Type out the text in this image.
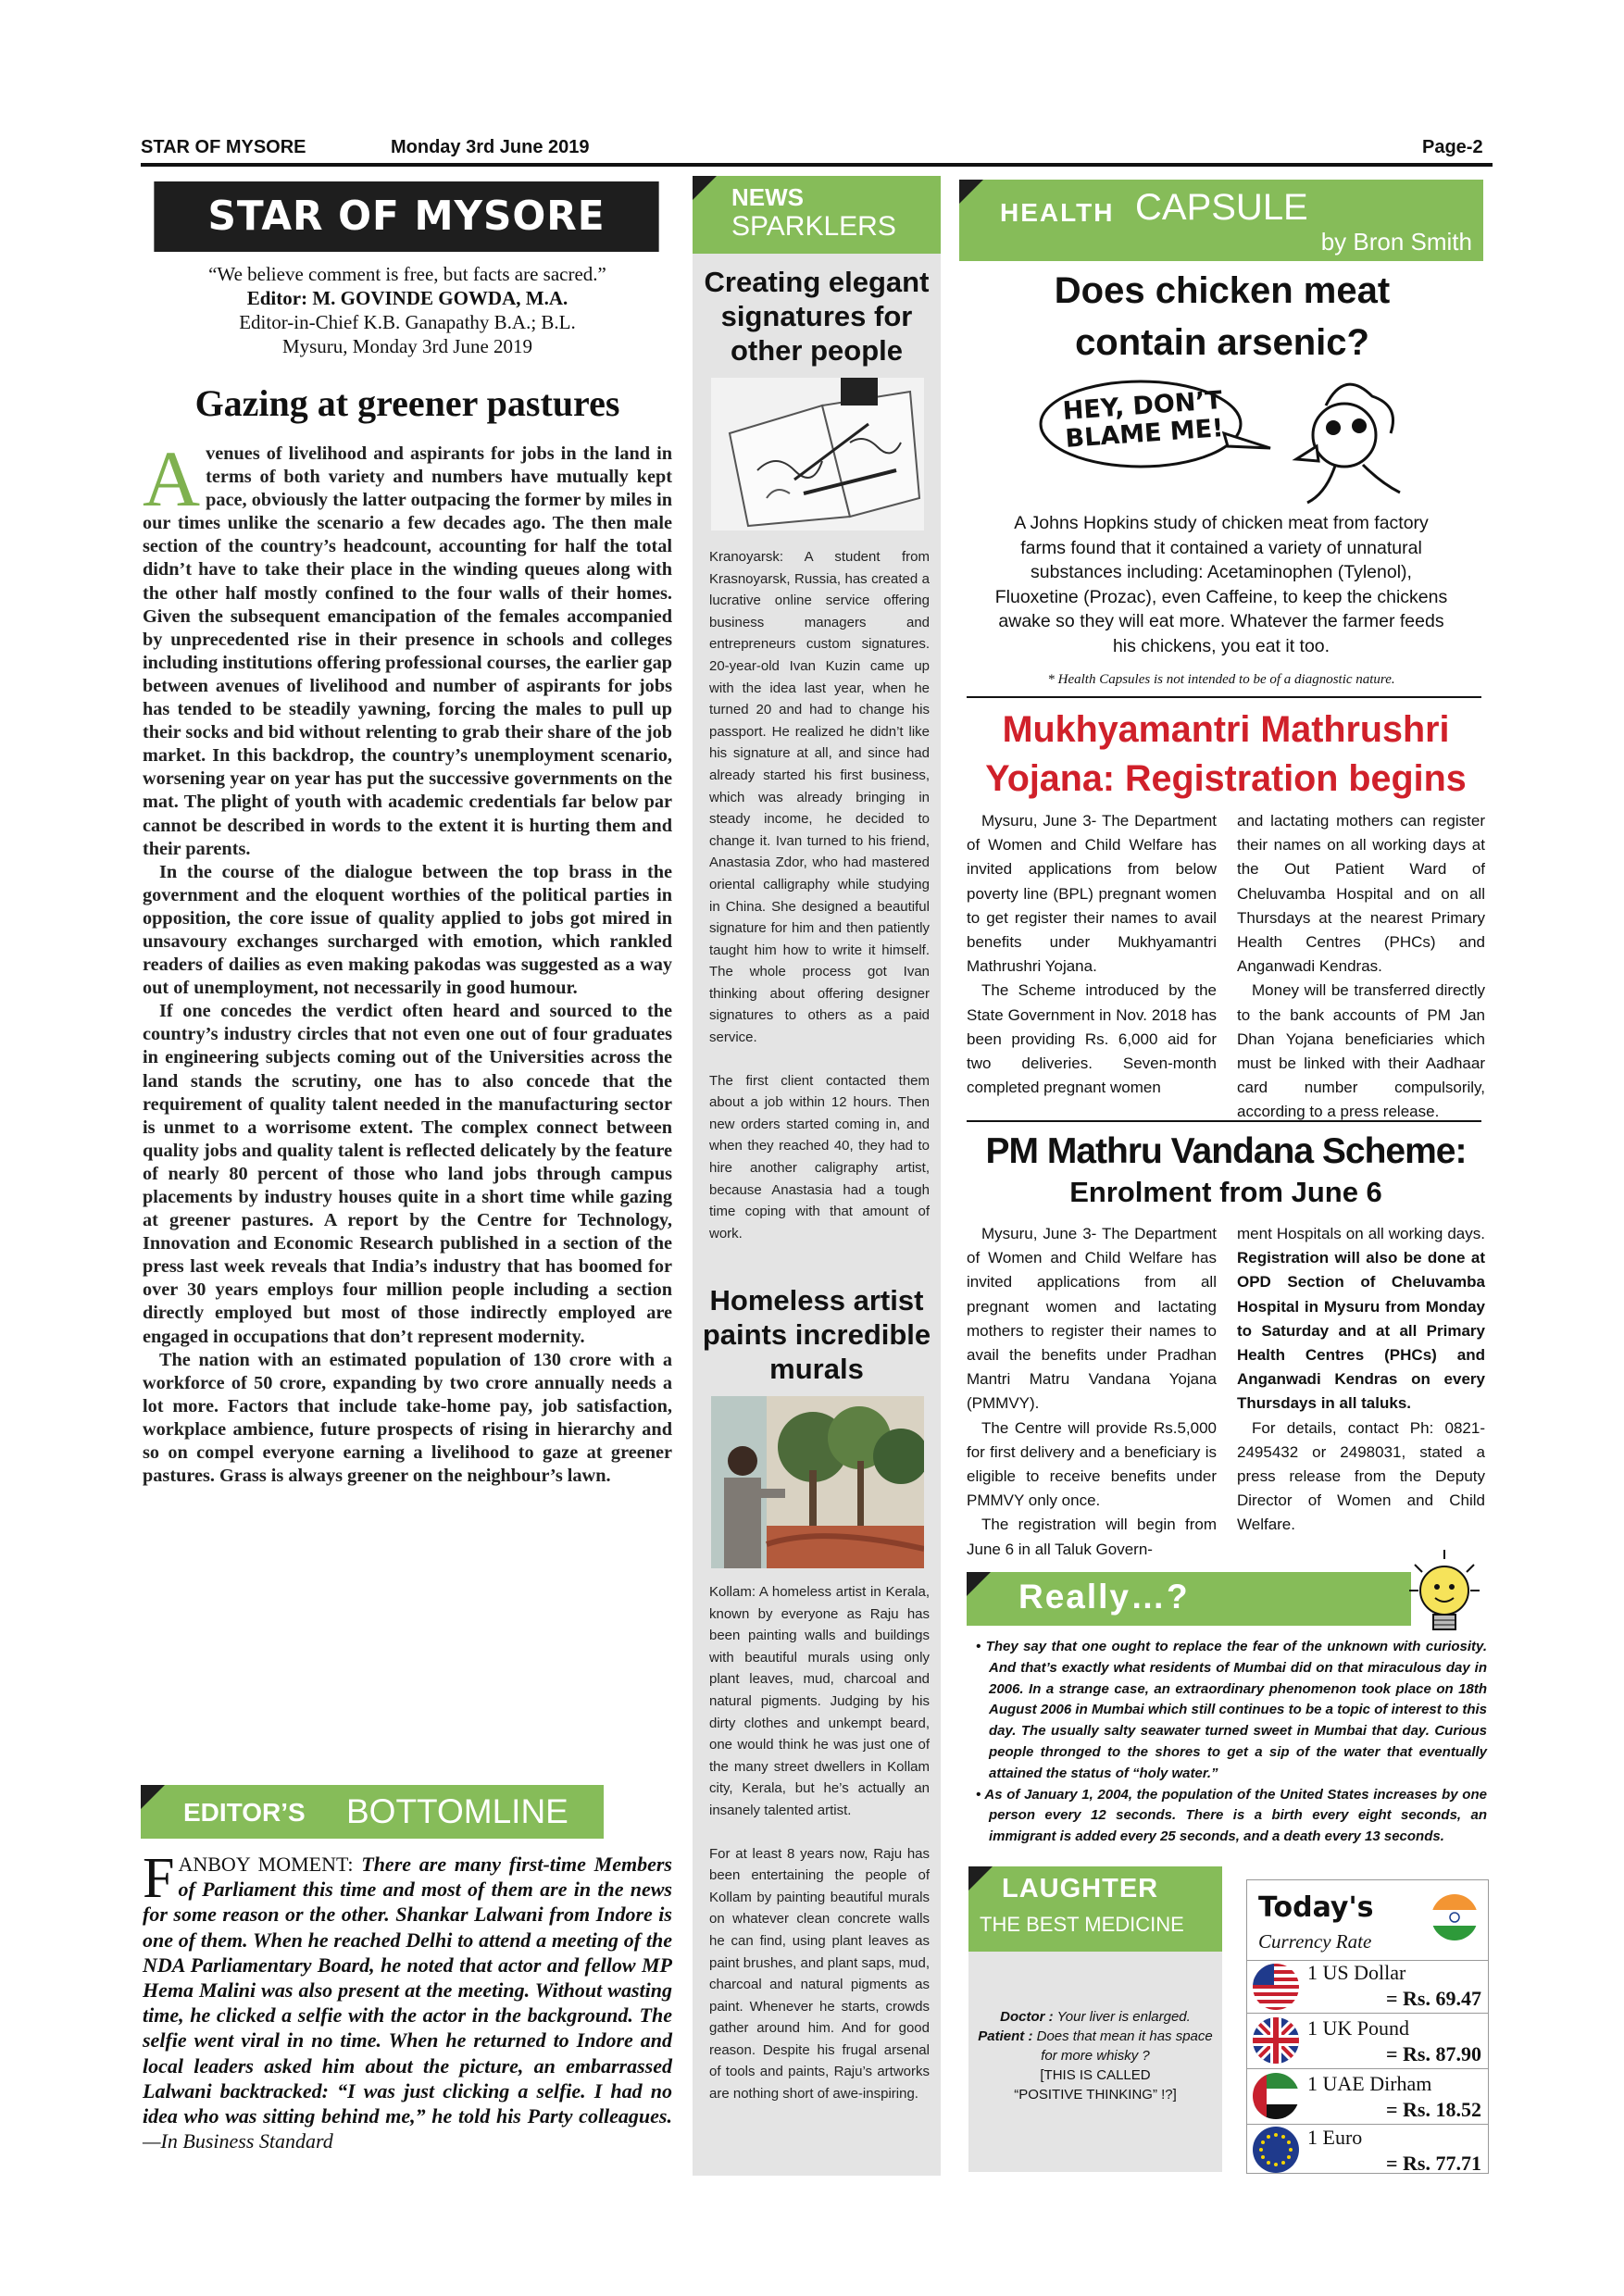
STAR OF MYSORE	Monday 3rd June 2019	Page-2
STAR OF MYSORE
“We believe comment is free, but facts are sacred.”
Editor: M. GOVINDE GOWDA, M.A.
Editor-in-Chief K.B. Ganapathy B.A.; B.L.
Mysuru, Monday 3rd June 2019
Gazing at greener pastures
A venues of livelihood and aspirants for jobs in the land in terms of both variety and numbers have mutually kept pace, obviously the latter outpacing the former by miles in our times unlike the scenario a few decades ago. The then male section of the country’s headcount, accounting for half the total didn’t have to take their place in the winding queues along with the other half mostly confined to the four walls of their homes. Given the subsequent emancipation of the females accompanied by unprecedented rise in their presence in schools and colleges including institutions offering professional courses, the earlier gap between avenues of livelihood and number of aspirants for jobs has tended to be steadily yawning, forcing the males to pull up their socks and bid without relenting to grab their share of the job market. In this backdrop, the country’s unemployment scenario, worsening year on year has put the successive governments on the mat. The plight of youth with academic credentials far below par cannot be described in words to the extent it is hurting them and their parents.
In the course of the dialogue between the top brass in the government and the eloquent worthies of the political parties in opposition, the core issue of quality applied to jobs got mired in unsavoury exchanges surcharged with emotion, which rankled readers of dailies as even making pakodas was suggested as a way out of unemployment, not necessarily in good humour.
If one concedes the verdict often heard and sourced to the country’s industry circles that not even one out of four graduates in engineering subjects coming out of the Universities across the land stands the scrutiny, one has to also concede that the requirement of quality talent needed in the manufacturing sector is unmet to a worrisome extent. The complex connect between quality jobs and quality talent is reflected delicately by the feature of nearly 80 percent of those who land jobs through campus placements by industry houses quite in a short time while gazing at greener pastures. A report by the Centre for Technology, Innovation and Economic Research published in a section of the press last week reveals that India’s industry that has boomed for over 30 years employs four million people including a section directly employed but most of those indirectly employed are engaged in occupations that don’t represent modernity.
The nation with an estimated population of 130 crore with a workforce of 50 crore, expanding by two crore annually needs a lot more. Factors that include take-home pay, job satisfaction, workplace ambience, future prospects of rising in hierarchy and so on compel everyone earning a livelihood to gaze at greener pastures. Grass is always greener on the neighbour’s lawn.
EDITOR’S BOTTOMLINE
F ANBOY MOMENT: There are many first-time Members of Parliament this time and most of them are in the news for some reason or the other. Shankar Lalwani from Indore is one of them. When he reached Delhi to attend a meeting of the NDA Parliamentary Board, he noted that actor and fellow MP Hema Malini was also present at the meeting. Without wasting time, he clicked a selfie with the actor in the background. The selfie went viral in no time. When he returned to Indore and local leaders asked him about the picture, an embarrassed Lalwani backtracked: “I was just clicking a selfie. I had no idea who was sitting behind me,” he told his Party colleagues. —In Business Standard
NEWS
SPARKLERS
Creating elegant signatures for other people
Kranoyarsk: A student from Krasnoyarsk, Russia, has created a lucrative online service offering business managers and entrepreneurs custom signatures. 20-year-old Ivan Kuzin came up with the idea last year, when he turned 20 and had to change his passport. He realized he didn’t like his signature at all, and since had already started his first business, which was already bringing in steady income, he decided to change it. Ivan turned to his friend, Anastasia Zdor, who had mastered oriental calligraphy while studying in China. She designed a beautiful signature for him and then patiently taught him how to write it himself. The whole process got Ivan thinking about offering designer signatures to others as a paid service.
The first client contacted them about a job within 12 hours. Then new orders started coming in, and when they reached 40, they had to hire another caligraphy artist, because Anastasia had a tough time coping with that amount of work.
Homeless artist paints incredible murals
Kollam: A homeless artist in Kerala, known by everyone as Raju has been painting walls and buildings with beautiful murals using only plant leaves, mud, charcoal and natural pigments. Judging by his dirty clothes and unkempt beard, one would think he was just one of the many street dwellers in Kollam city, Kerala, but he’s actually an insanely talented artist.
For at least 8 years now, Raju has been entertaining the people of Kollam by painting beautiful murals on whatever clean concrete walls he can find, using plant leaves as paint brushes, and plant saps, mud, charcoal and natural pigments as paint. Whenever he starts, crowds gather around him. And for good reason. Despite his frugal arsenal of tools and paints, Raju’s artworks are nothing short of awe-inspiring.
HEALTH CAPSULE
by Bron Smith
Does chicken meat contain arsenic?
HEY, DON’T BLAME ME!
A Johns Hopkins study of chicken meat from factory farms found that it contained a variety of unnatural substances including: Acetaminophen (Tylenol), Fluoxetine (Prozac), even Caffeine, to keep the chickens awake so they will eat more. Whatever the farmer feeds his chickens, you eat it too.
* Health Capsules is not intended to be of a diagnostic nature.
Mukhyamantri Mathrushri Yojana: Registration begins
Mysuru, June 3- The Department of Women and Child Welfare has invited applications from below poverty line (BPL) pregnant women to get register their names to avail benefits under Mukhyamantri Mathrushri Yojana.
The Scheme introduced by the State Government in Nov. 2018 has been providing Rs. 6,000 aid for two deliveries. Seven-month completed pregnant women
and lactating mothers can register their names on all working days at the Out Patient Ward of Cheluvamba Hospital and on all Thursdays at the nearest Primary Health Centres (PHCs) and Anganwadi Kendras.
Money will be transferred directly to the bank accounts of PM Jan Dhan Yojana beneficiaries which must be linked with their Aadhaar card number compulsorily, according to a press release.
PM Mathru Vandana Scheme:
Enrolment from June 6
Mysuru, June 3- The Department of Women and Child Welfare has invited applications from all pregnant women and lactating mothers to register their names to avail the benefits under Pradhan Mantri Matru Vandana Yojana (PMMVY).
The Centre will provide Rs.5,000 for first delivery and a beneficiary is eligible to receive benefits under PMMVY only once.
The registration will begin from June 6 in all Taluk Govern-
ment Hospitals on all working days. Registration will also be done at OPD Section of Cheluvamba Hospital in Mysuru from Monday to Saturday and at all Primary Health Centres (PHCs) and Anganwadi Kendras on every Thursdays in all taluks.
For details, contact Ph: 0821-2495432 or 2498031, stated a press release from the Deputy Director of Women and Child Welfare.
Really…?
• They say that one ought to replace the fear of the unknown with curiosity. And that’s exactly what residents of Mumbai did on that miraculous day in 2006. In a strange case, an extraordinary phenomenon took place on 18th August 2006 in Mumbai which still continues to be a topic of interest to this day. The usually salty seawater turned sweet in Mumbai that day. Curious people thronged to the shores to get a sip of the water that eventually attained the status of “holy water.”
• As of January 1, 2004, the population of the United States increases by one person every 12 seconds. There is a birth every eight seconds, an immigrant is added every 25 seconds, and a death every 13 seconds.
LAUGHTER
THE BEST MEDICINE
Doctor : Your liver is enlarged.
Patient : Does that mean it has space for more whisky ?
[THIS IS CALLED
“POSITIVE THINKING” !?]
Today's
Currency Rate
1 US Dollar
= Rs. 69.47
1 UK Pound
= Rs. 87.90
1 UAE Dirham
= Rs. 18.52
1 Euro
= Rs. 77.71
